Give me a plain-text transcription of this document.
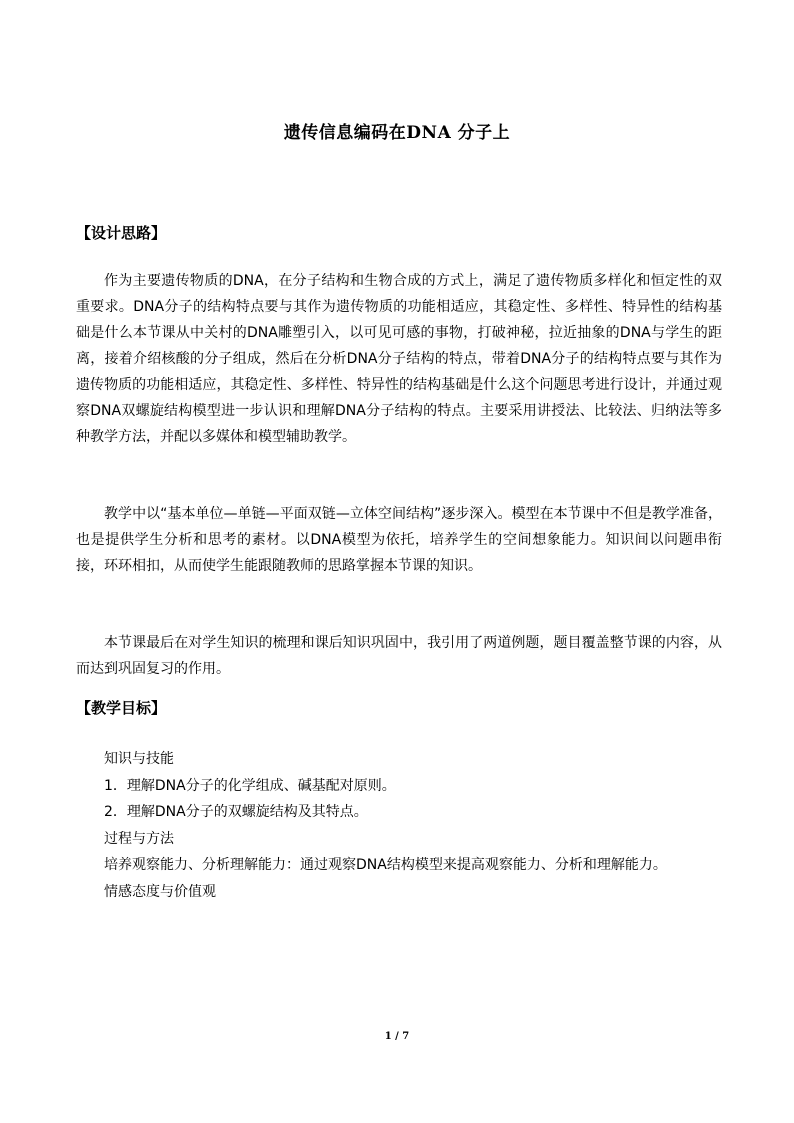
遗传信息编码在DNA 分子上
【设计思路】

作为主要遗传物质的DNA，在分子结构和生物合成的方式上，满足了遗传物质多样化和恒定性的双重要求。DNA分子的结构特点要与其作为遗传物质的功能相适应，其稳定性、多样性、特异性的结构基础是什么本节课从中关村的DNA雕塑引入，以可见可感的事物，打破神秘，拉近抽象的DNA与学生的距离，接着介绍核酸的分子组成，然后在分析DNA分子结构的特点，带着DNA分子的结构特点要与其作为遗传物质的功能相适应，其稳定性、多样性、特异性的结构基础是什么这个问题思考进行设计，并通过观察DNA双螺旋结构模型进一步认识和理解DNA分子结构的特点。主要采用讲授法、比较法、归纳法等多种教学方法，并配以多媒体和模型辅助教学。

教学中以“基本单位—单链—平面双链—立体空间结构”逐步深入。模型在本节课中不但是教学准备，也是提供学生分析和思考的素材。以DNA模型为依托，培养学生的空间想象能力。知识间以问题串衔接，环环相扣，从而使学生能跟随教师的思路掌握本节课的知识。

本节课最后在对学生知识的梳理和课后知识巩固中，我引用了两道例题，题目覆盖整节课的内容，从而达到巩固复习的作用。

【教学目标】

知识与技能

1．理解DNA分子的化学组成、碱基配对原则。

2．理解DNA分子的双螺旋结构及其特点。

过程与方法

培养观察能力、分析理解能力：通过观察DNA结构模型来提高观察能力、分析和理解能力。

情感态度与价值观

1 / 7
